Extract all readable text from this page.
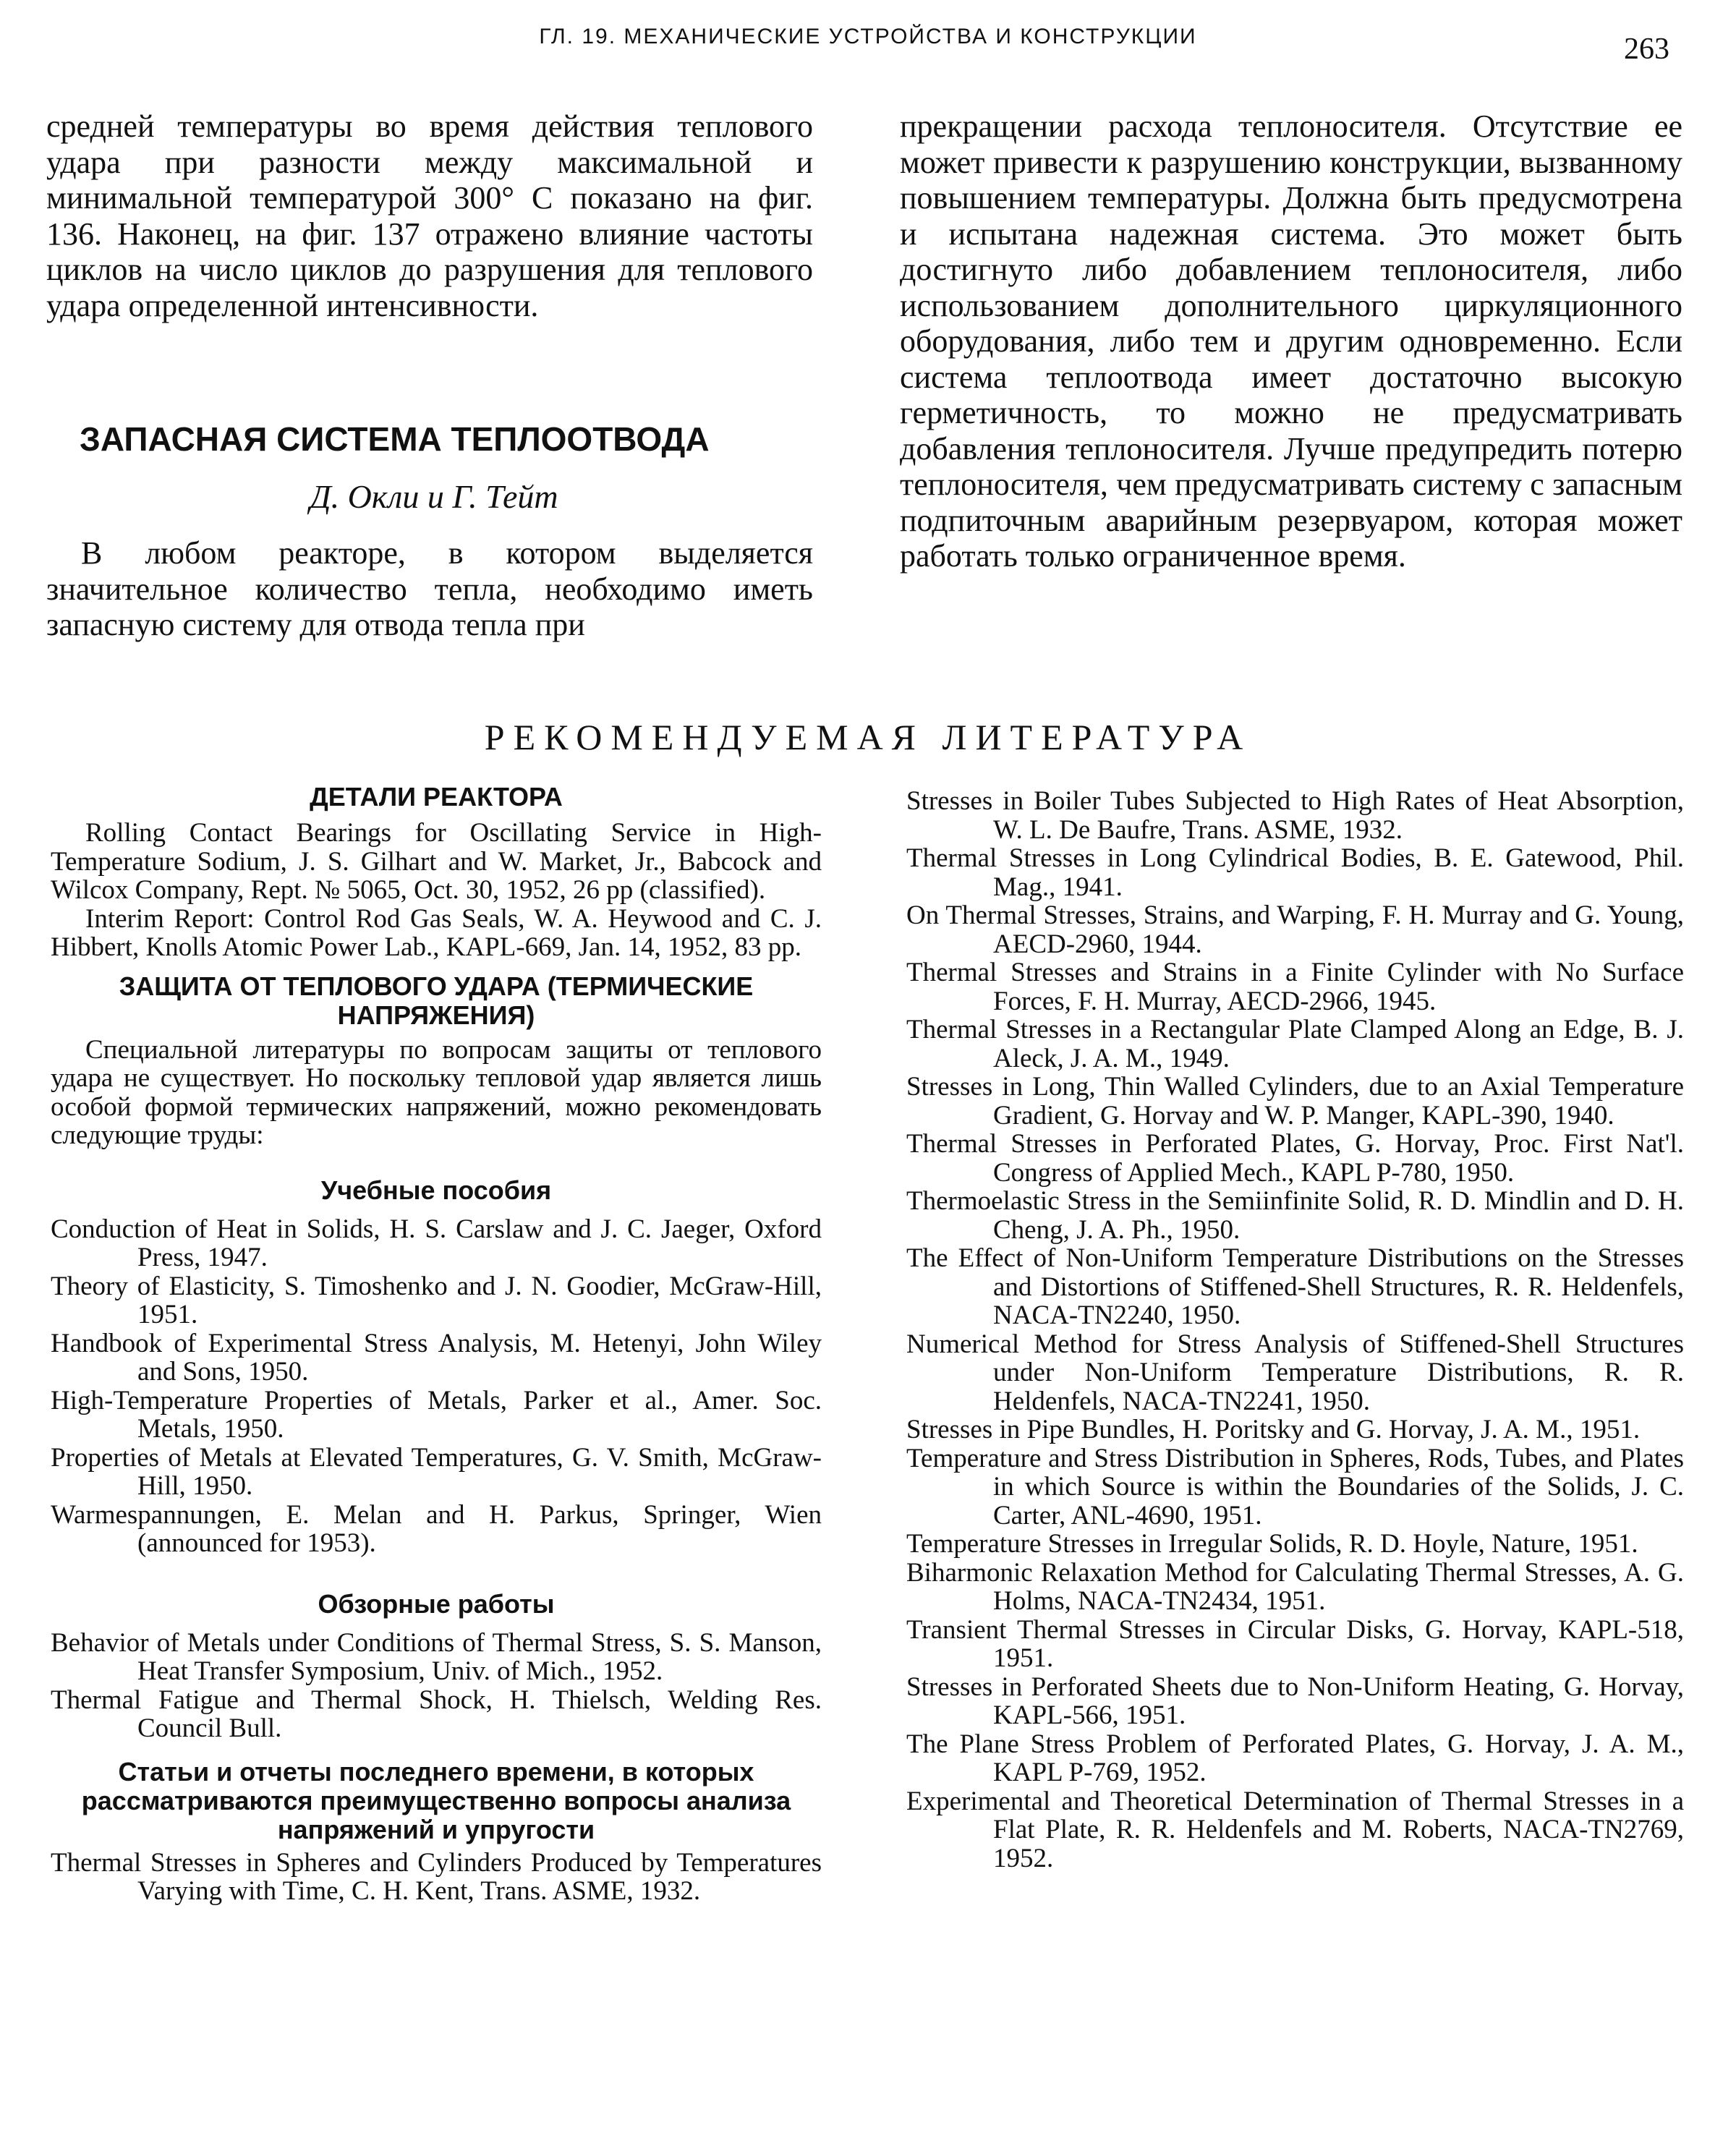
ГЛ. 19. МЕХАНИЧЕСКИЕ УСТРОЙСТВА И КОНСТРУКЦИИ	263
средней температуры во время действия теплового удара при разности между максимальной и минимальной температурой 300° С показано на фиг. 136. Наконец, на фиг. 137 отражено влияние частоты циклов на число циклов до разрушения для теплового удара определенной интенсивности.
ЗАПАСНАЯ СИСТЕМА ТЕПЛООТВОДА
Д. Окли и Г. Тейт

В любом реакторе, в котором выделяется значительное количество тепла, необходимо иметь запасную систему для отвода тепла при

прекращении расхода теплоносителя. Отсутствие ее может привести к разрушению конструкции, вызванному повышением температуры. Должна быть предусмотрена и испытана надежная система. Это может быть достигнуто либо добавлением теплоносителя, либо использованием дополнительного циркуляционного оборудования, либо тем и другим одновременно. Если система теплоотвода имеет достаточно высокую герметичность, то можно не предусматривать добавления теплоносителя. Лучше предупредить потерю теплоносителя, чем предусматривать систему с запасным подпиточным аварийным резервуаром, которая может работать только ограниченное время.
РЕКОМЕНДУЕМАЯ ЛИТЕРАТУРА
ДЕТАЛИ РЕАКТОРА

Rolling Contact Bearings for Oscillating Service in High-Temperature Sodium, J. S. Gilhart and W. Market, Jr., Babcock and Wilcox Company, Rept. № 5065, Oct. 30, 1952, 26 pp (classified).

Interim Report: Control Rod Gas Seals, W. A. Heywood and C. J. Hibbert, Knolls Atomic Power Lab., KAPL-669, Jan. 14, 1952, 83 pp.

ЗАЩИТА ОТ ТЕПЛОВОГО УДАРА (ТЕРМИЧЕСКИЕ НАПРЯЖЕНИЯ)

Специальной литературы по вопросам защиты от теплового удара не существует. Но поскольку тепловой удар является лишь особой формой термических напряжений, можно рекомендовать следующие труды:

Учебные пособия

Conduction of Heat in Solids, H. S. Carslaw and J. C. Jaeger, Oxford Press, 1947.

Theory of Elasticity, S. Timoshenko and J. N. Goodier, McGraw-Hill, 1951.

Handbook of Experimental Stress Analysis, M. Hetenyi, John Wiley and Sons, 1950.

High-Temperature Properties of Metals, Parker et al., Amer. Soc. Metals, 1950.

Properties of Metals at Elevated Temperatures, G. V. Smith, McGraw-Hill, 1950.

Warmespannungen, E. Melan and H. Parkus, Springer, Wien (announced for 1953).

Обзорные работы

Behavior of Metals under Conditions of Thermal Stress, S. S. Manson, Heat Transfer Symposium, Univ. of Mich., 1952.

Thermal Fatigue and Thermal Shock, H. Thielsch, Welding Res. Council Bull.

Статьи и отчеты последнего времени, в которых рассматриваются преимущественно вопросы анализа напряжений и упругости

Thermal Stresses in Spheres and Cylinders Produced by Temperatures Varying with Time, C. H. Kent, Trans. ASME, 1932.

Stresses in Boiler Tubes Subjected to High Rates of Heat Absorption, W. L. De Baufre, Trans. ASME, 1932.

Thermal Stresses in Long Cylindrical Bodies, B. E. Gatewood, Phil. Mag., 1941.

On Thermal Stresses, Strains, and Warping, F. H. Murray and G. Young, AECD-2960, 1944.

Thermal Stresses and Strains in a Finite Cylinder with No Surface Forces, F. H. Murray, AECD-2966, 1945.

Thermal Stresses in a Rectangular Plate Clamped Along an Edge, B. J. Aleck, J. A. M., 1949.

Stresses in Long, Thin Walled Cylinders, due to an Axial Temperature Gradient, G. Horvay and W. P. Manger, KAPL-390, 1940.

Thermal Stresses in Perforated Plates, G. Horvay, Proc. First Nat'l. Congress of Applied Mech., KAPL P-780, 1950.

Thermoelastic Stress in the Semiinfinite Solid, R. D. Mindlin and D. H. Cheng, J. A. Ph., 1950.

The Effect of Non-Uniform Temperature Distributions on the Stresses and Distortions of Stiffened-Shell Structures, R. R. Heldenfels, NACA-TN2240, 1950.

Numerical Method for Stress Analysis of Stiffened-Shell Structures under Non-Uniform Temperature Distributions, R. R. Heldenfels, NACA-TN2241, 1950.

Stresses in Pipe Bundles, H. Poritsky and G. Horvay, J. A. M., 1951.

Temperature and Stress Distribution in Spheres, Rods, Tubes, and Plates in which Source is within the Boundaries of the Solids, J. C. Carter, ANL-4690, 1951.

Temperature Stresses in Irregular Solids, R. D. Hoyle, Nature, 1951.

Biharmonic Relaxation Method for Calculating Thermal Stresses, A. G. Holms, NACA-TN2434, 1951.

Transient Thermal Stresses in Circular Disks, G. Horvay, KAPL-518, 1951.

Stresses in Perforated Sheets due to Non-Uniform Heating, G. Horvay, KAPL-566, 1951.

The Plane Stress Problem of Perforated Plates, G. Horvay, J. A. M., KAPL P-769, 1952.

Experimental and Theoretical Determination of Thermal Stresses in a Flat Plate, R. R. Heldenfels and M. Roberts, NACA-TN2769, 1952.
